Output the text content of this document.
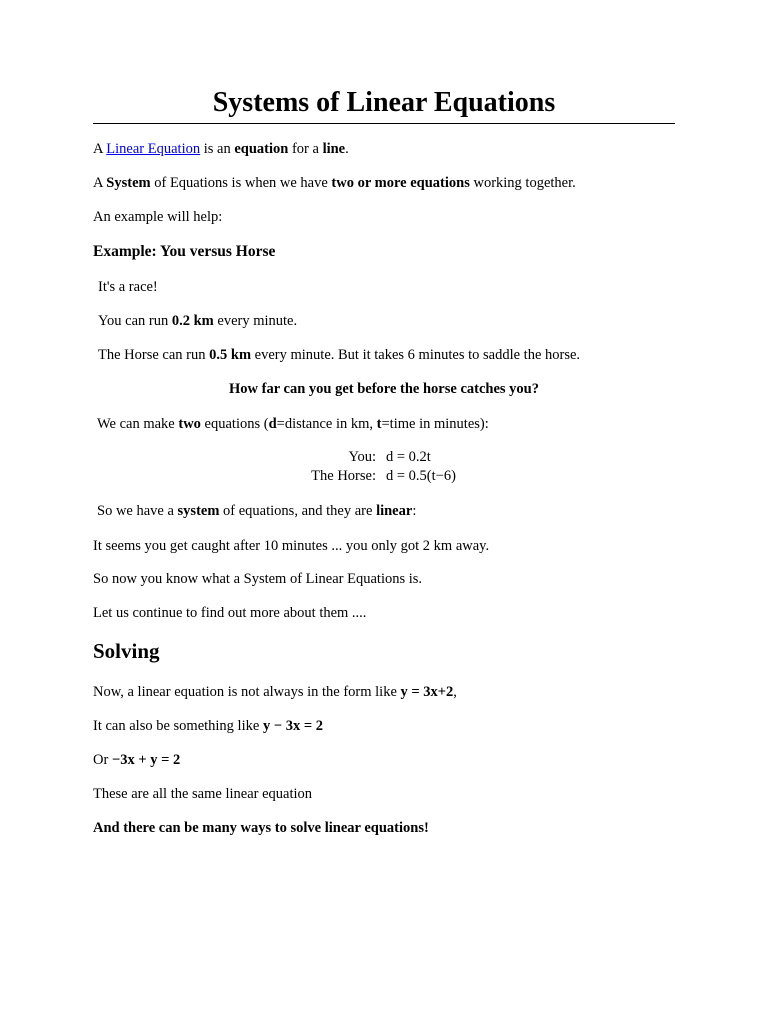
Systems of Linear Equations

A Linear Equation is an equation for a line.

A System of Equations is when we have two or more equations working together.

An example will help:

Example: You versus Horse

It's a race!

You can run 0.2 km every minute.

The Horse can run 0.5 km every minute. But it takes 6 minutes to saddle the horse.

How far can you get before the horse catches you?

We can make two equations (d=distance in km, t=time in minutes):

You: d = 0.2t
The Horse: d = 0.5(t−6)

So we have a system of equations, and they are linear:

It seems you get caught after 10 minutes ... you only got 2 km away.

So now you know what a System of Linear Equations is.

Let us continue to find out more about them ....

Solving

Now, a linear equation is not always in the form like y = 3x+2,

It can also be something like y − 3x = 2

Or −3x + y = 2

These are all the same linear equation

And there can be many ways to solve linear equations!
